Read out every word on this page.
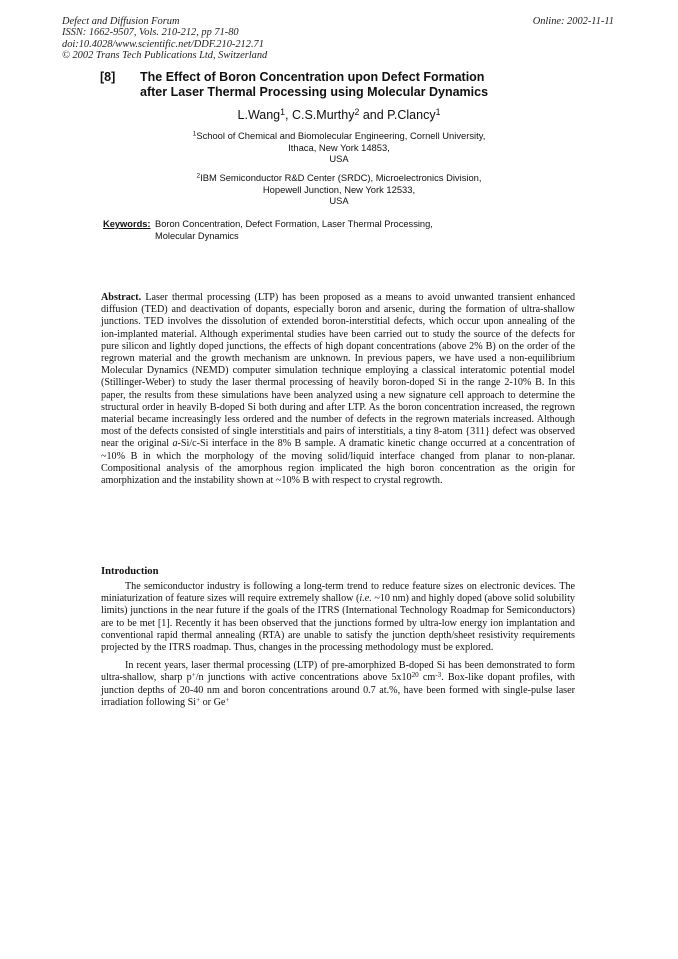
Defect and Diffusion Forum
ISSN: 1662-9507, Vols. 210-212, pp 71-80
doi:10.4028/www.scientific.net/DDF.210-212.71
© 2002 Trans Tech Publications Ltd, Switzerland
Online: 2002-11-11
[8] The Effect of Boron Concentration upon Defect Formation
after Laser Thermal Processing using Molecular Dynamics
L.Wang$^1$, C.S.Murthy$^2$ and P.Clancy$^1$
$^1$School of Chemical and Biomolecular Engineering, Cornell University,
Ithaca, New York 14853,
USA
$^2$IBM Semiconductor R&D Center (SRDC), Microelectronics Division,
Hopewell Junction, New York 12533,
USA
Keywords: Boron Concentration, Defect Formation, Laser Thermal Processing,
Molecular Dynamics
Abstract. Laser thermal processing (LTP) has been proposed as a means to avoid unwanted transient enhanced diffusion (TED) and deactivation of dopants, especially boron and arsenic, during the formation of ultra-shallow junctions. TED involves the dissolution of extended boron-interstitial defects, which occur upon annealing of the ion-implanted material. Although experimental studies have been carried out to study the source of the defects for pure silicon and lightly doped junctions, the effects of high dopant concentrations (above 2% B) on the order of the regrown material and the growth mechanism are unknown. In previous papers, we have used a non-equilibrium Molecular Dynamics (NEMD) computer simulation technique employing a classical interatomic potential model (Stillinger-Weber) to study the laser thermal processing of heavily boron-doped Si in the range 2-10% B. In this paper, the results from these simulations have been analyzed using a new signature cell approach to determine the structural order in heavily B-doped Si both during and after LTP. As the boron concentration increased, the regrown material became increasingly less ordered and the number of defects in the regrown materials increased. Although most of the defects consisted of single interstitials and pairs of interstitials, a tiny 8-atom {311} defect was observed near the original a-Si/c-Si interface in the 8% B sample. A dramatic kinetic change occurred at a concentration of ~10% B in which the morphology of the moving solid/liquid interface changed from planar to non-planar. Compositional analysis of the amorphous region implicated the high boron concentration as the origin for amorphization and the instability shown at ~10% B with respect to crystal regrowth.
Introduction

The semiconductor industry is following a long-term trend to reduce feature sizes on electronic devices. The miniaturization of feature sizes will require extremely shallow (i.e. ~10 nm) and highly doped (above solid solubility limits) junctions in the near future if the goals of the ITRS (International Technology Roadmap for Semiconductors) are to be met [1]. Recently it has been observed that the junctions formed by ultra-low energy ion implantation and conventional rapid thermal annealing (RTA) are unable to satisfy the junction depth/sheet resistivity requirements projected by the ITRS roadmap. Thus, changes in the processing methodology must be explored.

In recent years, laser thermal processing (LTP) of pre-amorphized B-doped Si has been demonstrated to form ultra-shallow, sharp p+/n junctions with active concentrations above $5x10^{20}$ $cm^{-3}$. Box-like dopant profiles, with junction depths of 20-40 nm and boron concentrations around 0.7 at.%, have been formed with single-pulse laser irradiation following Si+ or Ge+
